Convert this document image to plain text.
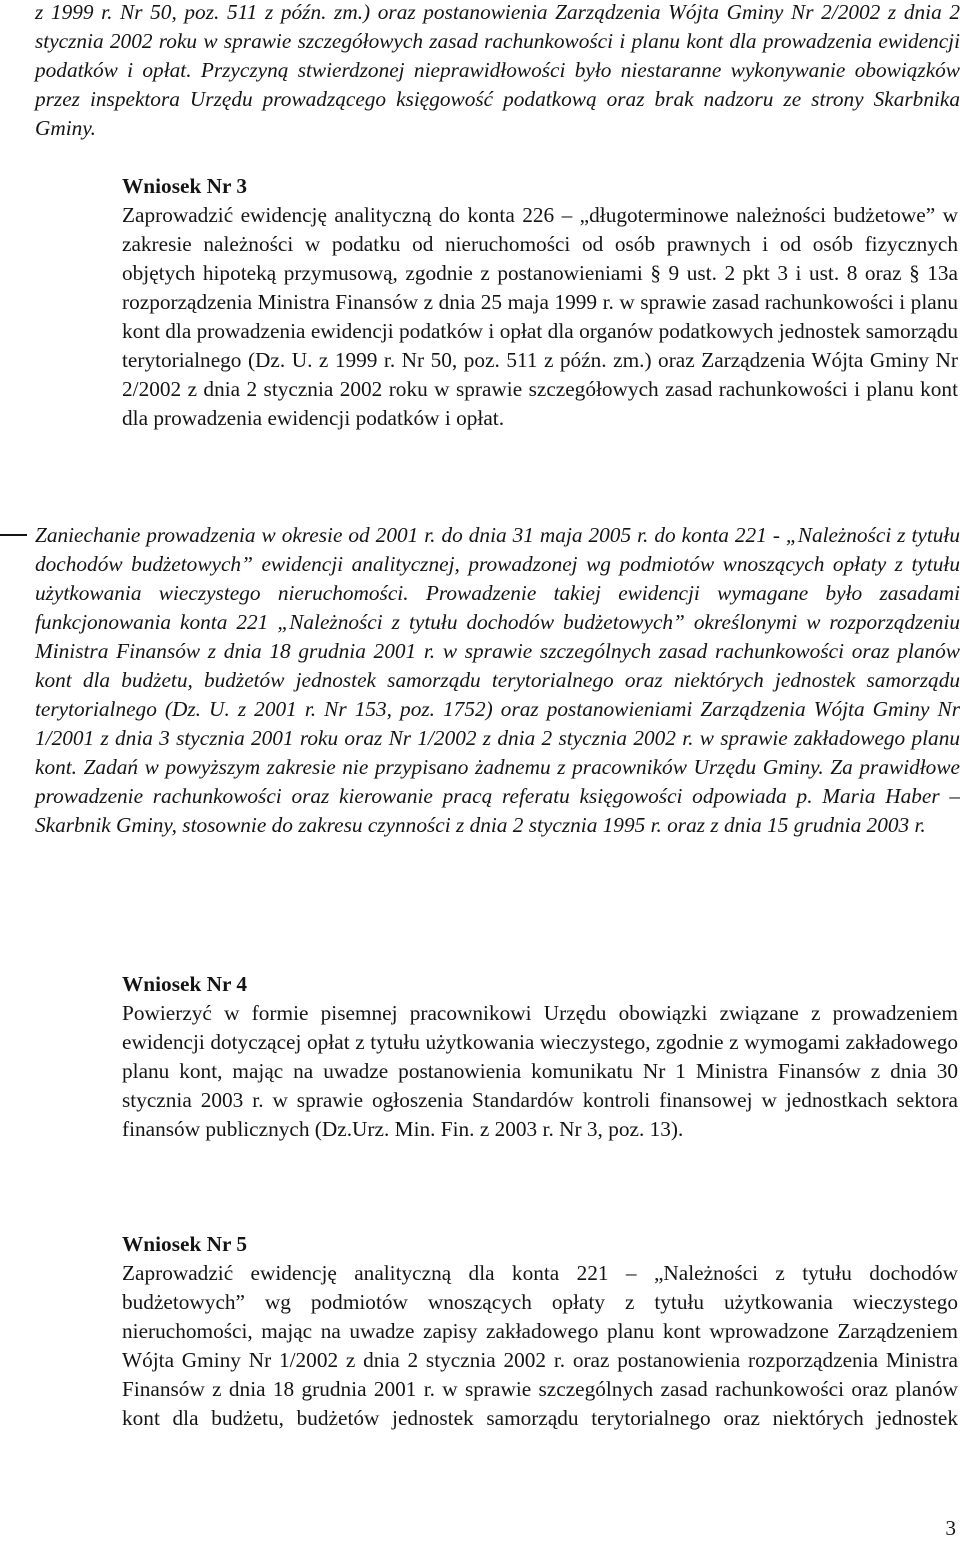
z 1999 r. Nr 50, poz. 511 z późn. zm.) oraz postanowienia Zarządzenia Wójta Gminy Nr 2/2002 z dnia 2 stycznia 2002 roku w sprawie szczegółowych zasad rachunkowości i planu kont dla prowadzenia ewidencji podatków i opłat. Przyczyną stwierdzonej nieprawidłowości było niestaranne wykonywanie obowiązków przez inspektora Urzędu prowadzącego księgowość podatkową oraz brak nadzoru ze strony Skarbnika Gminy.

Wniosek Nr 3

Zaprowadzić ewidencję analityczną do konta 226 – „długoterminowe należności budżetowe” w zakresie należności w podatku od nieruchomości od osób prawnych i od osób fizycznych objętych hipoteką przymusową, zgodnie z postanowieniami § 9 ust. 2 pkt 3 i ust. 8 oraz § 13a rozporządzenia Ministra Finansów z dnia 25 maja 1999 r. w sprawie zasad rachunkowości i planu kont dla prowadzenia ewidencji podatków i opłat dla organów podatkowych jednostek samorządu terytorialnego (Dz. U. z 1999 r. Nr 50, poz. 511 z późn. zm.) oraz Zarządzenia Wójta Gminy Nr 2/2002 z dnia 2 stycznia 2002 roku w sprawie szczegółowych zasad rachunkowości i planu kont dla prowadzenia ewidencji podatków i opłat.

Zaniechanie prowadzenia w okresie od 2001 r. do dnia 31 maja 2005 r. do konta 221 - „Należności z tytułu dochodów budżetowych” ewidencji analitycznej, prowadzonej wg podmiotów wnoszących opłaty z tytułu użytkowania wieczystego nieruchomości. Prowadzenie takiej ewidencji wymagane było zasadami funkcjonowania konta 221 „Należności z tytułu dochodów budżetowych” określonymi w rozporządzeniu Ministra Finansów z dnia 18 grudnia 2001 r. w sprawie szczególnych zasad rachunkowości oraz planów kont dla budżetu, budżetów jednostek samorządu terytorialnego oraz niektórych jednostek samorządu terytorialnego (Dz. U. z 2001 r. Nr 153, poz. 1752) oraz postanowieniami Zarządzenia Wójta Gminy Nr 1/2001 z dnia 3 stycznia 2001 roku oraz Nr 1/2002 z dnia 2 stycznia 2002 r. w sprawie zakładowego planu kont. Zadań w powyższym zakresie nie przypisano żadnemu z pracowników Urzędu Gminy. Za prawidłowe prowadzenie rachunkowości oraz kierowanie pracą referatu księgowości odpowiada p. Maria Haber – Skarbnik Gminy, stosownie do zakresu czynności z dnia 2 stycznia 1995 r. oraz z dnia 15 grudnia 2003 r.

Wniosek Nr 4

Powierzyć w formie pisemnej pracownikowi Urzędu obowiązki związane z prowadzeniem ewidencji dotyczącej opłat z tytułu użytkowania wieczystego, zgodnie z wymogami zakładowego planu kont, mając na uwadze postanowienia komunikatu Nr 1 Ministra Finansów z dnia 30 stycznia 2003 r. w sprawie ogłoszenia Standardów kontroli finansowej w jednostkach sektora finansów publicznych (Dz.Urz. Min. Fin. z 2003 r. Nr 3, poz. 13).

Wniosek Nr 5

Zaprowadzić ewidencję analityczną dla konta 221 – „Należności z tytułu dochodów budżetowych” wg podmiotów wnoszących opłaty z tytułu użytkowania wieczystego nieruchomości, mając na uwadze zapisy zakładowego planu kont wprowadzone Zarządzeniem Wójta Gminy Nr 1/2002 z dnia 2 stycznia 2002 r. oraz postanowienia rozporządzenia Ministra Finansów z dnia 18 grudnia 2001 r. w sprawie szczególnych zasad rachunkowości oraz planów kont dla budżetu, budżetów jednostek samorządu terytorialnego oraz niektórych jednostek

3
